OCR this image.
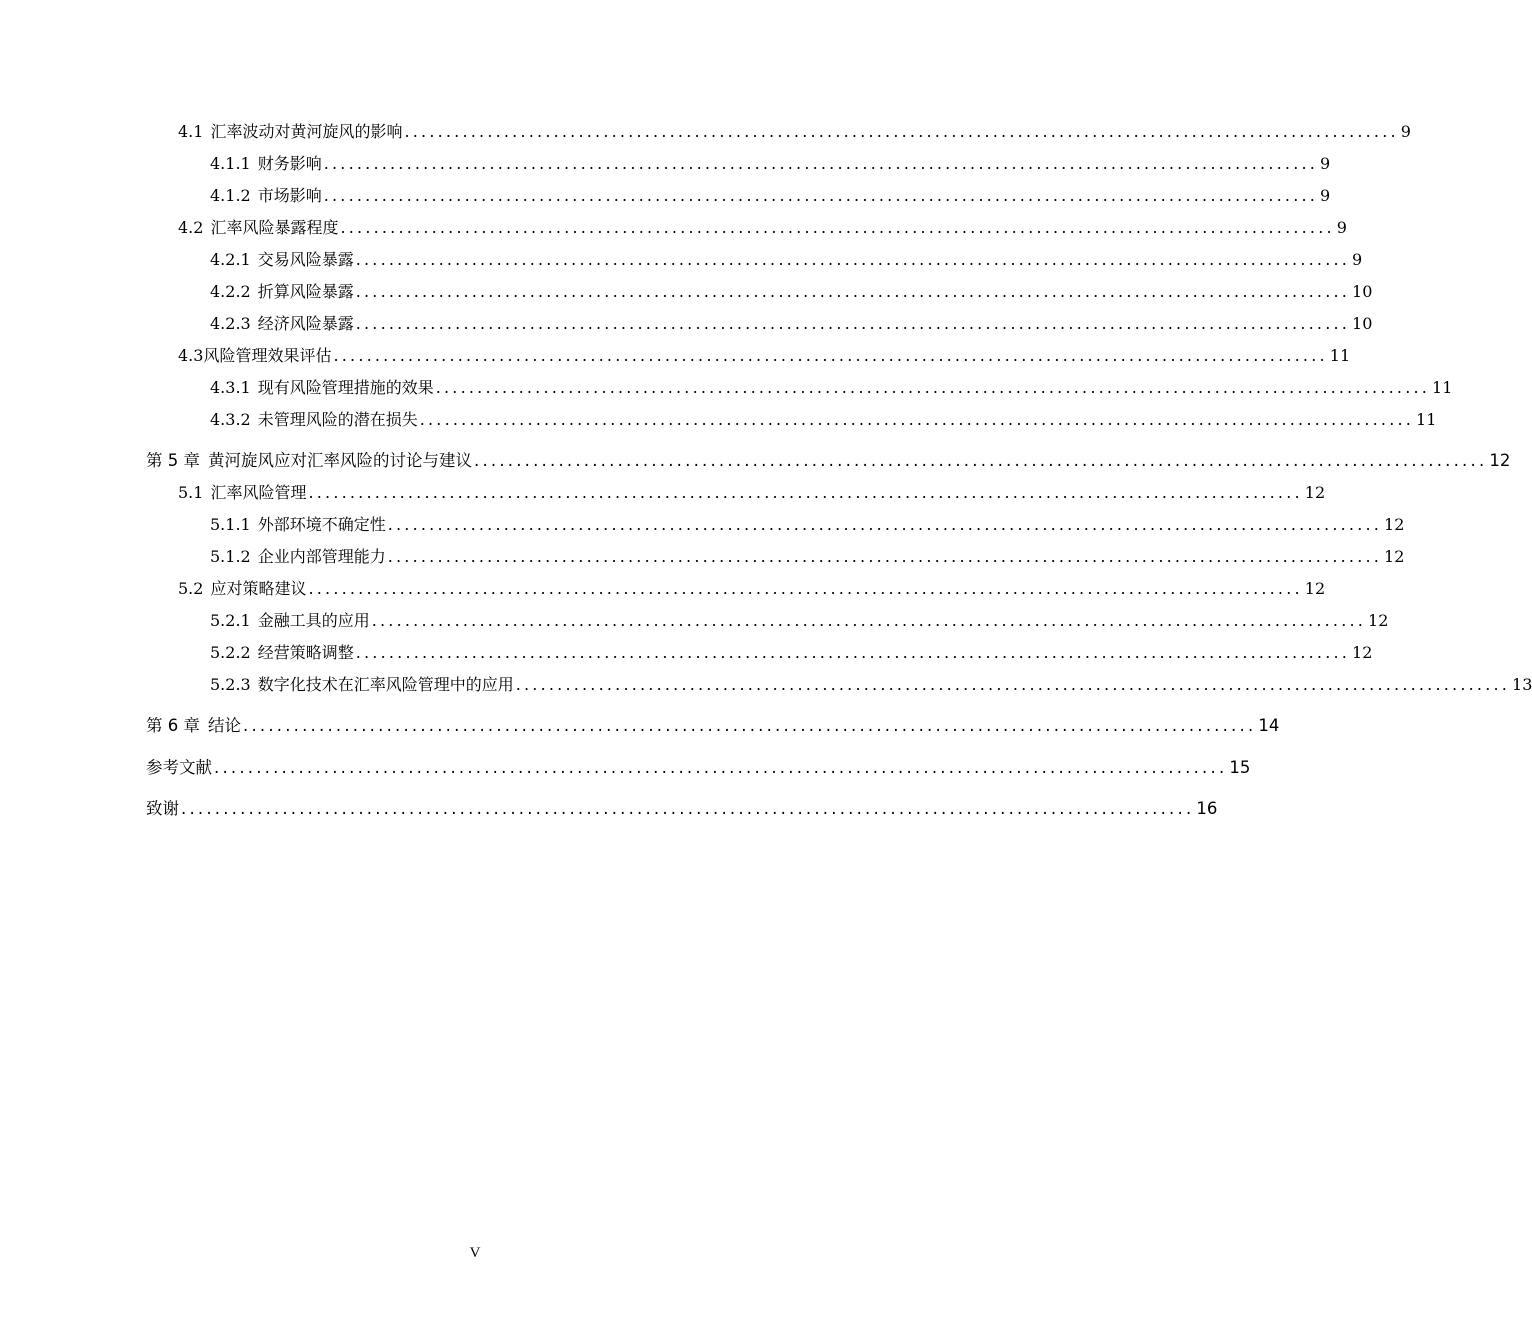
4.1 汇率波动对黄河旋风的影响 ........................................................................................................................ 9
4.1.1 财务影响 ........................................................................................................................ 9
4.1.2 市场影响 ........................................................................................................................ 9
4.2 汇率风险暴露程度 ........................................................................................................................ 9
4.2.1 交易风险暴露 ........................................................................................................................ 9
4.2.2 折算风险暴露 ........................................................................................................................ 10
4.2.3 经济风险暴露 ........................................................................................................................ 10
4.3 风险管理效果评估 ........................................................................................................................ 11
4.3.1 现有风险管理措施的效果 ........................................................................................................................ 11
4.3.2 未管理风险的潜在损失 ........................................................................................................................ 11
第 5 章 黄河旋风应对汇率风险的讨论与建议 ........................................................................................................................ 12
5.1 汇率风险管理 ........................................................................................................................ 12
5.1.1 外部环境不确定性 ........................................................................................................................ 12
5.1.2 企业内部管理能力 ........................................................................................................................ 12
5.2 应对策略建议 ........................................................................................................................ 12
5.2.1 金融工具的应用 ........................................................................................................................ 12
5.2.2 经营策略调整 ........................................................................................................................ 12
5.2.3 数字化技术在汇率风险管理中的应用 ........................................................................................................................ 13
第 6 章 结论 ........................................................................................................................ 14
参考文献 ........................................................................................................................ 15
致谢 ........................................................................................................................ 16
V
